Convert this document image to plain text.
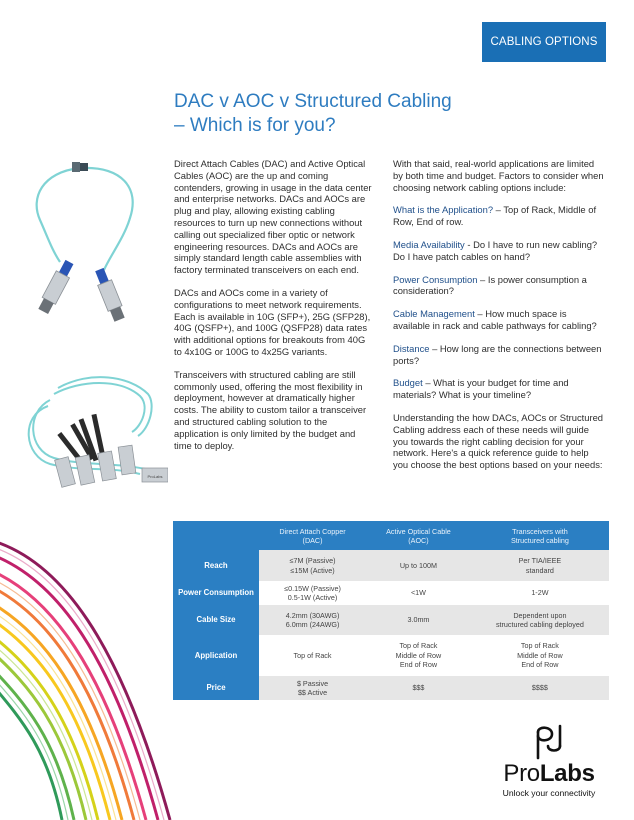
CABLING OPTIONS
DAC v AOC v Structured Cabling
– Which is for you?
ProLabs

Direct Attach Cables (DAC) and Active Optical Cables (AOC) are the up and coming contenders, growing in usage in the data center and enterprise networks. DACs and AOCs are plug and play, allowing existing cabling resources to turn up new connections without calling out specialized fiber optic or network engineering resources. DACs and AOCs are simply standard length cable assemblies with factory terminated transceivers on each end.

DACs and AOCs come in a variety of configurations to meet network requirements. Each is available in 10G (SFP+), 25G (SFP28), 40G (QSFP+), and 100G (QSFP28) data rates with additional options for breakouts from 40G to 4x10G or 100G to 4x25G variants.

Transceivers with structured cabling are still commonly used, offering the most flexibility in deployment, however at dramatically higher costs. The ability to custom tailor a transceiver and structured cabling solution to the application is only limited by the budget and time to deploy.

With that said, real-world applications are limited by both time and budget. Factors to consider when choosing network cabling options include:

What is the Application? – Top of Rack, Middle of Row, End of row.

Media Availability - Do I have to run new cabling? Do I have patch cables on hand?

Power Consumption – Is power consumption a consideration?

Cable Management – How much space is available in rack and cable pathways for cabling?

Distance – How long are the connections between ports?

Budget – What is your budget for time and materials? What is your timeline?

Understanding the how DACs, AOCs or Structured Cabling address each of these needs will guide you towards the right cabling decision for your network. Here's a quick reference guide to help you choose the best options based on your needs:

	Direct Attach Copper
(DAC)	Active Optical Cable
(AOC)	Transceivers with
Structured cabling
Reach	≤7M (Passive)
≤15M (Active)	Up to 100M	Per TIA/IEEE
standard
Power Consumption	≤0.15W (Passive)
0.5-1W (Active)	<1W	1-2W
Cable Size	4.2mm (30AWG)
6.0mm (24AWG)	3.0mm	Dependent upon
structured cabling deployed
Application	Top of Rack	Top of Rack
Middle of Row
End of Row	Top of Rack
Middle of Row
End of Row
Price	$ Passive
$$ Active	$$$	$$$$
ProLabs
Unlock your connectivity
